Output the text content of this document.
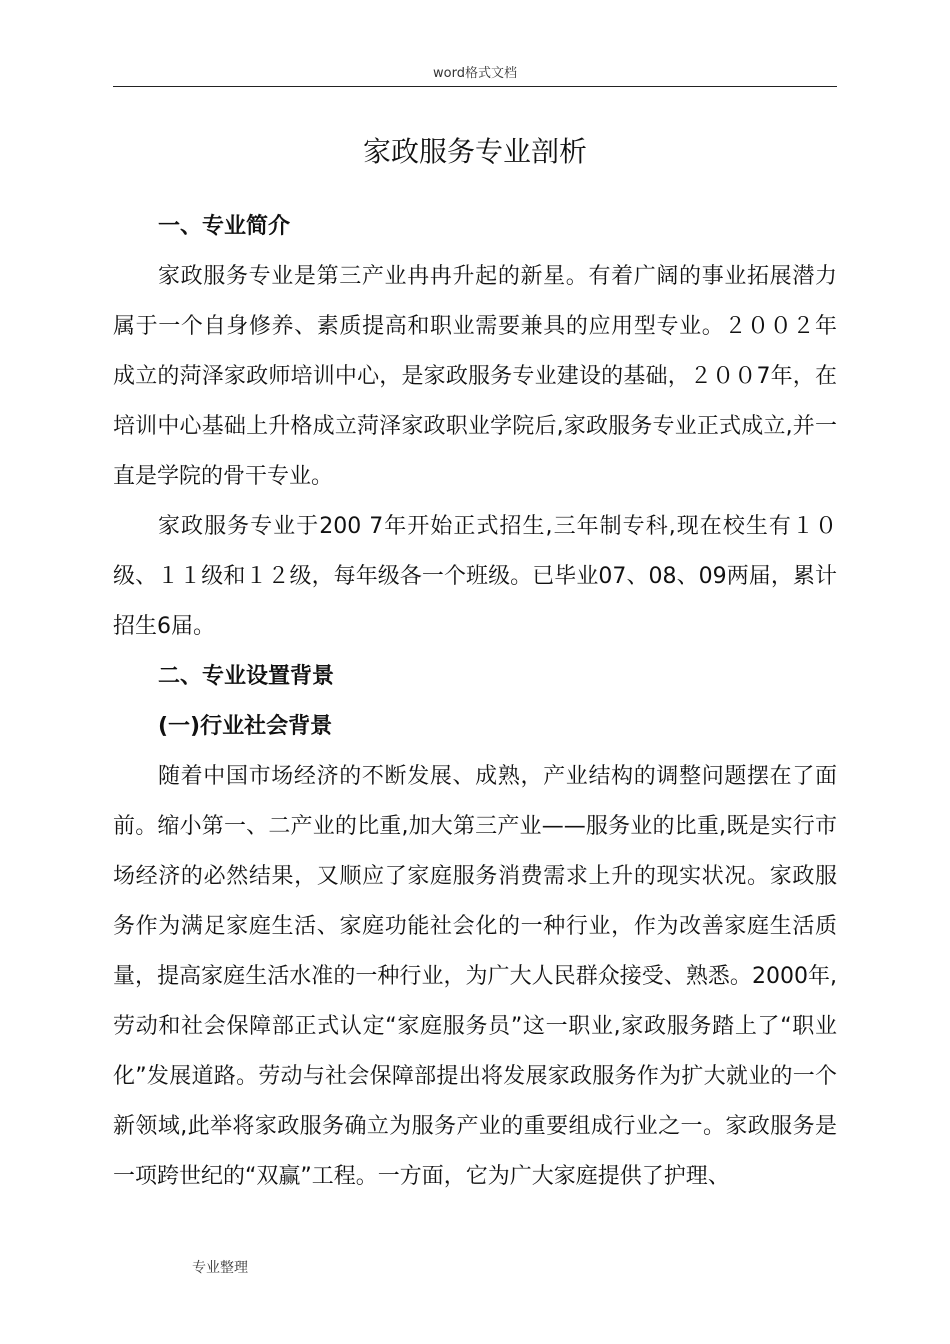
word格式文档
家政服务专业剖析

一、专业简介

家政服务专业是第三产业冉冉升起的新星。有着广阔的事业拓展潜力属于一个自身修养、素质提高和职业需要兼具的应用型专业。２００２年成立的菏泽家政师培训中心，是家政服务专业建设的基础，２００7年，在培训中心基础上升格成立菏泽家政职业学院后,家政服务专业正式成立,并一直是学院的骨干专业。

家政服务专业于200 7年开始正式招生,三年制专科,现在校生有１０级、１１级和１２级，每年级各一个班级。已毕业07、08、09两届，累计招生6届。

二、专业设置背景

(一)行业社会背景

随着中国市场经济的不断发展、成熟，产业结构的调整问题摆在了面前。缩小第一、二产业的比重,加大第三产业——服务业的比重,既是实行市场经济的必然结果，又顺应了家庭服务消费需求上升的现实状况。家政服务作为满足家庭生活、家庭功能社会化的一种行业，作为改善家庭生活质量，提高家庭生活水准的一种行业，为广大人民群众接受、熟悉。2000年,劳动和社会保障部正式认定“家庭服务员”这一职业,家政服务踏上了“职业化”发展道路。劳动与社会保障部提出将发展家政服务作为扩大就业的一个新领域,此举将家政服务确立为服务产业的重要组成行业之一。家政服务是一项跨世纪的“双赢”工程。一方面，它为广大家庭提供了护理、

专业整理
